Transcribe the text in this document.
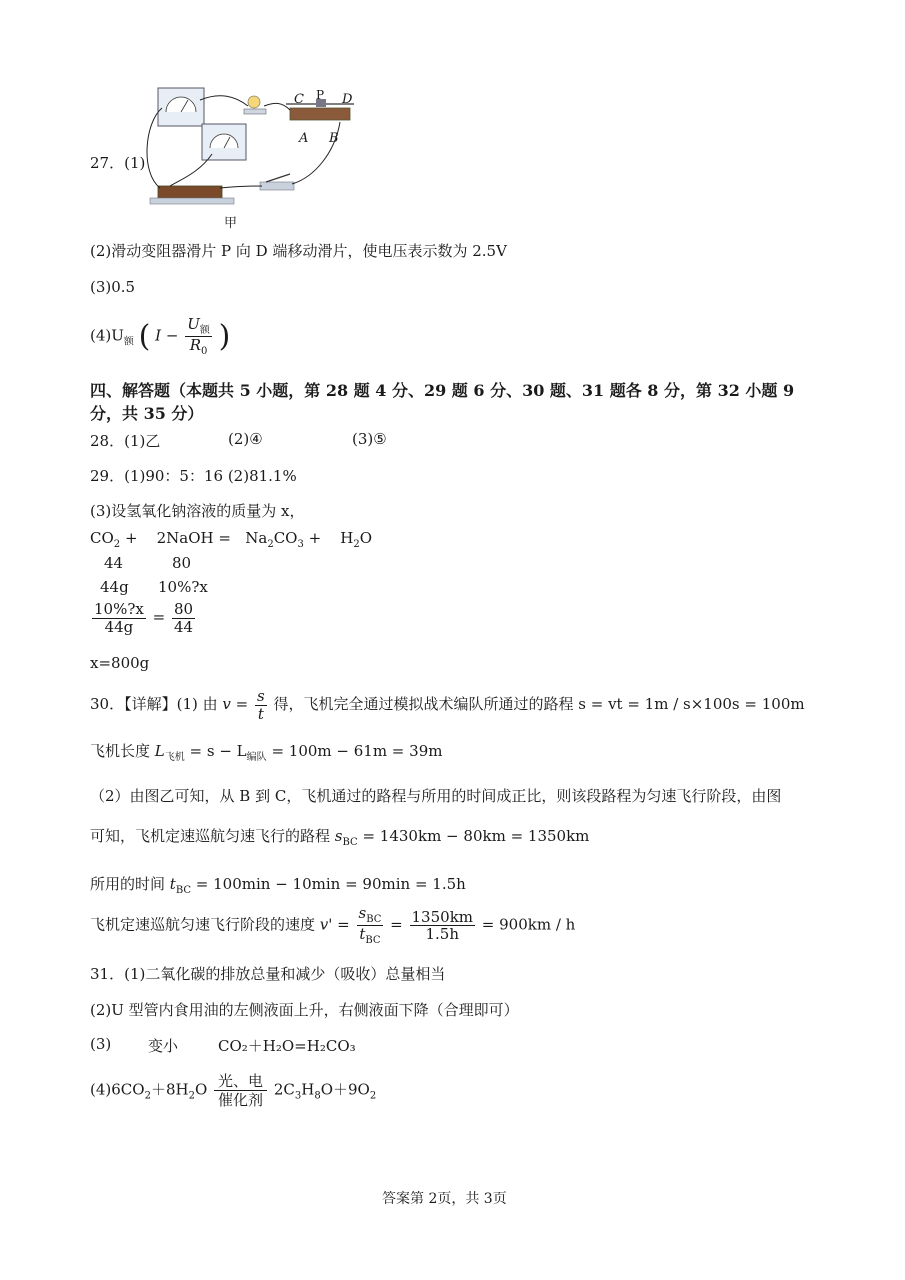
C P D
A B
甲
27．(1)
(2)滑动变阻器滑片 P 向 D 端移动滑片，使电压表示数为 2.5V
(3)0.5
$(4)U_额$ ( $I - \frac{U_额}{R_0}$ )
四、解答题（本题共 5 小题，第 28 题 4 分、29 题 6 分、30 题、31 题各 8 分，第 32 小题 9
分，共 35 分）
28．(1)乙	(2)④	(3)⑤
29．(1)90：5：16 (2)81.1%
(3)设氢氧化钠溶液的质量为 x，
$CO_2$ + 2NaOH = $Na_2CO_3 + H_2O$
44	80
44g 10%?x
$\frac{10\%?x}{44g} = \frac{80}{44}$
x=800g
30．【详解】(1) 由 $v = \frac{s}{t}$ 得，飞机完全通过模拟战术编队所通过的路程 s = vt = 1m / s×100s = 100m
飞机长度 $L_{飞机} = s - L_{编队} = 100m - 61m = 39m$
（2）由图乙可知，从 B 到 C，飞机通过的路程与所用的时间成正比，则该段路程为匀速飞行阶段，由图
可知，飞机定速巡航匀速飞行的路程 $s_{BC} = 1430km - 80km = 1350km$
所用的时间 $t_{BC} = 100\min - 10\min = 90\min = 1.5h$
飞机定速巡航匀速飞行阶段的速度 $v' = \frac{s_{BC}}{t_{BC}} = \frac{1350km}{1.5h} = 900km / h$
31．(1)二氧化碳的排放总量和减少（吸收）总量相当
(2)U 型管内食用油的左侧液面上升，右侧液面下降（合理即可）
(3) 变小	CO₂＋H₂O=H₂CO₃
$(4)6CO_2+8H_2O$ 光、电
催化剂
$2C_3H_8O+9O_2$
答案第 2页，共 3页
